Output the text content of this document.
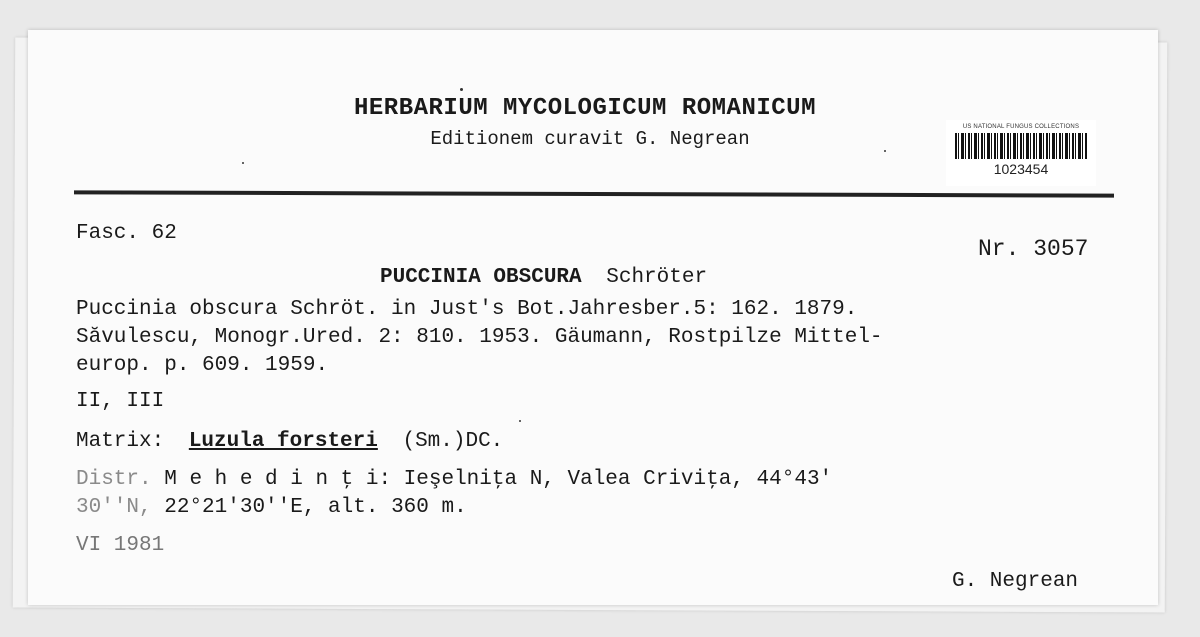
HERBARIUM MYCOLOGICUM ROMANICUM
Editionem curavit G. Negrean
US NATIONAL FUNGUS COLLECTIONS
1023454
Fasc. 62
Nr. 3057
PUCCINIA OBSCURA Schröter
Puccinia obscura Schröt. in Just's Bot.Jahresber.5: 162. 1879.
Săvulescu, Monogr.Ured. 2: 810. 1953. Gäumann, Rostpilze Mittel-
europ. p. 609. 1959.
II, III
Matrix: Luzula forsteri (Sm.)DC.
Distr. M e h e d i n ţ i: Ieşelniţa N, Valea Criviţa, 44°43'
30''N, 22°21'30''E, alt. 360 m.
VI 1981
G. Negrean
